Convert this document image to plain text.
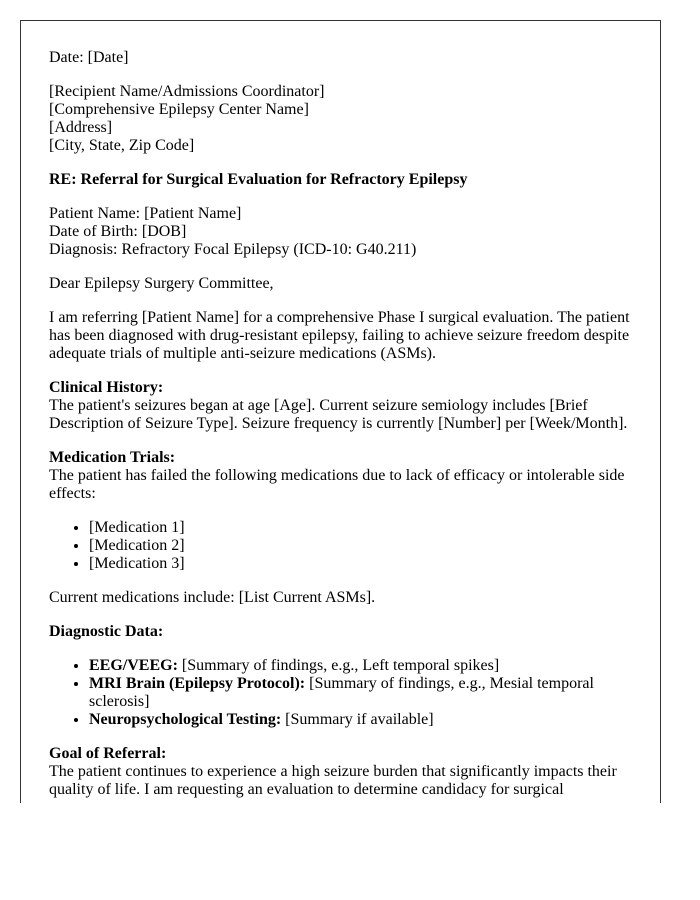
Date: [Date]

[Recipient Name/Admissions Coordinator]
[Comprehensive Epilepsy Center Name]
[Address]
[City, State, Zip Code]

RE: Referral for Surgical Evaluation for Refractory Epilepsy

Patient Name: [Patient Name]
Date of Birth: [DOB]
Diagnosis: Refractory Focal Epilepsy (ICD-10: G40.211)

Dear Epilepsy Surgery Committee,

I am referring [Patient Name] for a comprehensive Phase I surgical evaluation. The patient has been diagnosed with drug-resistant epilepsy, failing to achieve seizure freedom despite adequate trials of multiple anti-seizure medications (ASMs).

Clinical History:
The patient's seizures began at age [Age]. Current seizure semiology includes [Brief Description of Seizure Type]. Seizure frequency is currently [Number] per [Week/Month].

Medication Trials:
The patient has failed the following medications due to lack of efficacy or intolerable side effects:

• [Medication 1]
• [Medication 2]
• [Medication 3]

Current medications include: [List Current ASMs].

Diagnostic Data:

• EEG/VEEG: [Summary of findings, e.g., Left temporal spikes]
• MRI Brain (Epilepsy Protocol): [Summary of findings, e.g., Mesial temporal sclerosis]
• Neuropsychological Testing: [Summary if available]

Goal of Referral:
The patient continues to experience a high seizure burden that significantly impacts their quality of life. I am requesting an evaluation to determine candidacy for surgical
